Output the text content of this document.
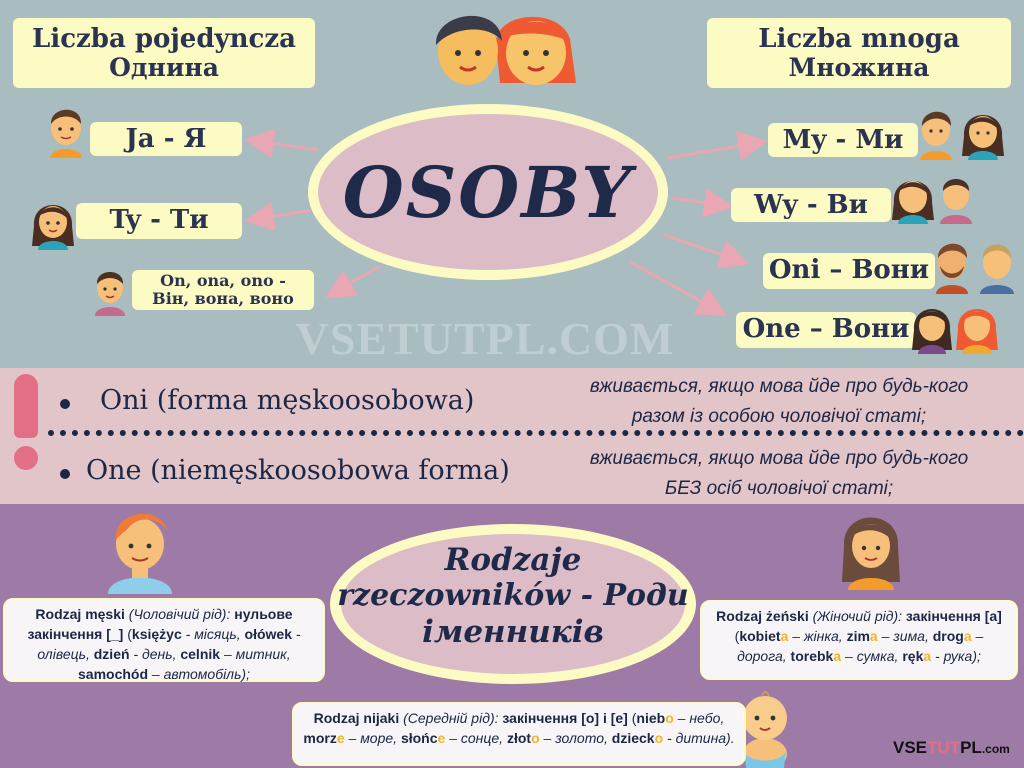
Liczba pojedyncza
Однина
Liczba mnoga
Множина
OSOBY
Ja - Я
Ty - Ти
On, ona, ono -
Він, вона, воно
My - Ми
Wy - Ви
Oni – Вони
One – Вони
VSETUTPL.COM
Oni (forma męskoosobowa)	вживається, якщо мова йде про будь-кого
разом із особою чоловічої статі;
One (niemęskoosobowa forma)	вживається, якщо мова йде про будь-кого
БЕЗ осіб чоловічої статі;
Rodzaje
rzeczowników - Роди
іменників
Rodzaj męski (Чоловічий рід): нульове закінчення [_] (księżyc - місяць, ołówek - олівець, dzień - день, celnik – митник, samochód – автомобіль);
Rodzaj żeński (Жіночий рід): закінчення [a] (kobieta – жінка, zima – зима, droga – дорога, torebka – сумка, ręka - рука);
Rodzaj nijaki (Середній рід): закінчення [o] і [e] (niebo – небо, morze – море, słońce – сонце, złoto – золото, dziecko - дитина).	VSETUTPL.com
